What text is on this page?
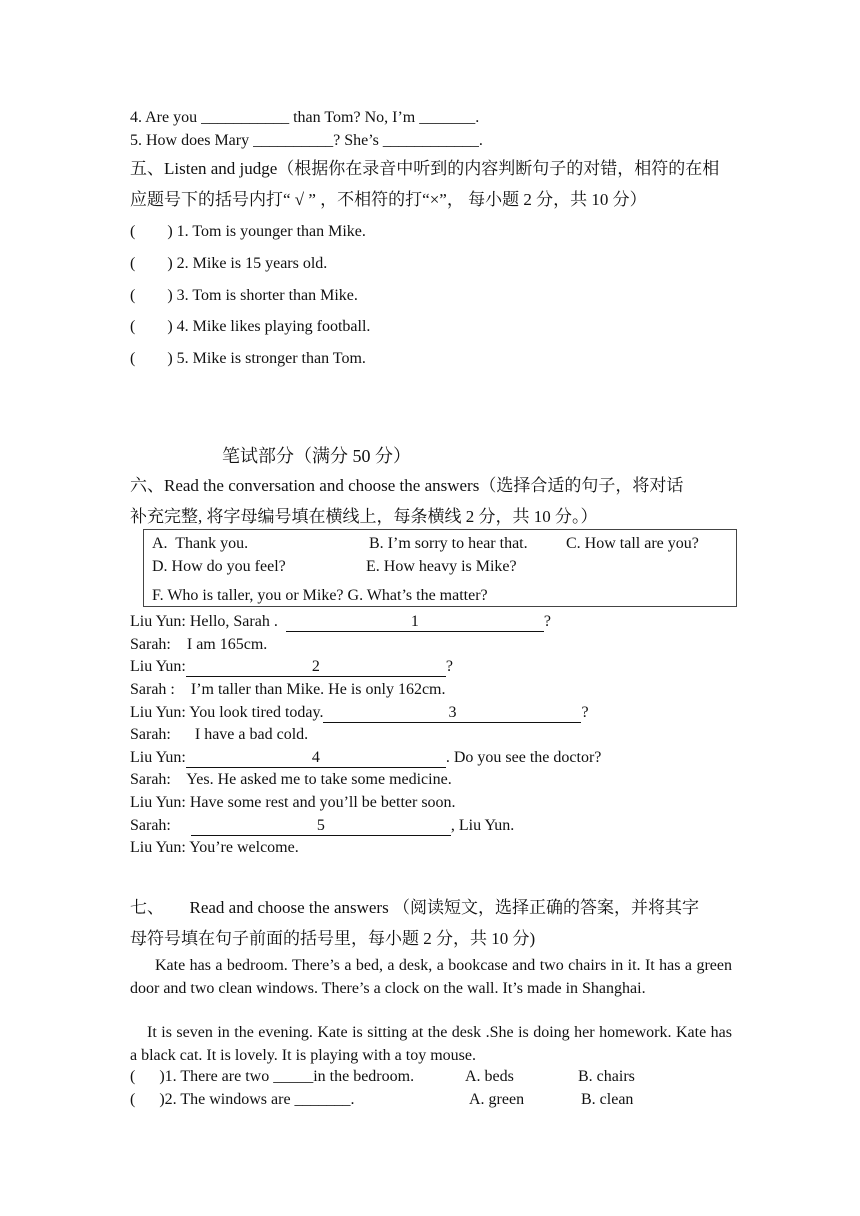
4. Are you ___________ than Tom? No, I’m _______.
5. How does Mary __________? She’s ____________.
五、Listen and judge（根据你在录音中听到的内容判断句子的对错，相符的在相
应题号下的括号内打“ √ ” ，不相符的打“×”， 每小题 2 分，共 10 分）
(        ) 1. Tom is younger than Mike.
(        ) 2. Mike is 15 years old.
(        ) 3. Tom is shorter than Mike.
(        ) 4. Mike likes playing football.
(        ) 5. Mike is stronger than Tom.
笔试部分（满分 50 分）
六、Read the conversation and choose the answers（选择合适的句子，将对话
补充完整, 将字母编号填在横线上，每条横线 2 分，共 10 分。）
A.  Thank you.	B. I’m sorry to hear that. C. How tall are you?
D. How do you feel?	E. How heavy is Mike?
F. Who is taller, you or Mike? G. What’s the matter?
Liu Yun: Hello, Sarah .	1	?
Sarah:    I am 165cm.
Liu Yun:	2	?
Sarah :    I’m taller than Mike. He is only 162cm.
Liu Yun: You look tired today.	3	?
Sarah:      I have a bad cold.
Liu Yun:	4	. Do you see the doctor?
Sarah:    Yes. He asked me to take some medicine.
Liu Yun: Have some rest and you’ll be better soon.
Sarah:	5	, Liu Yun.
Liu Yun: You’re welcome.
七、      Read and choose the answers （阅读短文，选择正确的答案，并将其字
母符号填在句子前面的括号里，每小题 2 分，共 10 分)
Kate has a bedroom. There’s a bed, a desk, a bookcase and two chairs in it. It has a green door and two clean windows. There’s a clock on the wall. It’s made in Shanghai.
It is seven in the evening. Kate is sitting at the desk .She is doing her homework. Kate has a black cat. It is lovely. It is playing with a toy mouse.
(      )1. There are two _____in the bedroom.	A. beds	B. chairs
(      )2. The windows are _______.	A. green	B. clean
